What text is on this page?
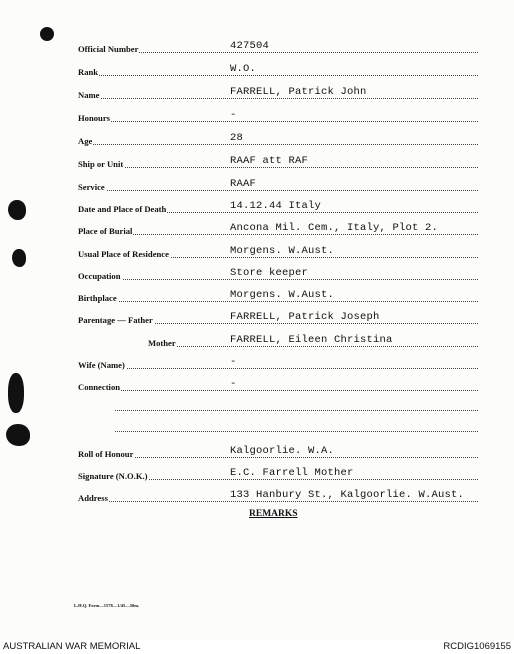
Official Number	427504
Rank	W.O.
Name	FARRELL, Patrick John
Honours	-
Age	28
Ship or Unit	RAAF att RAF
Service	RAAF
Date and Place of Death	14.12.44 Italy
Place of Burial	Ancona Mil. Cem., Italy, Plot 2.
Usual Place of Residence	Morgens. W.Aust.
Occupation	Store keeper
Birthplace	Morgens. W.Aust.
Parentage — Father	FARRELL, Patrick Joseph
Mother	FARRELL, Eileen Christina
Wife (Name)	-
Connection	-
Roll of Honour	Kalgoorlie. W.A.
Signature (N.O.K.)	E.C. Farrell Mother
Address	133 Hanbury St., Kalgoorlie. W.Aust.
REMARKS
L.H.Q. Form—1578—1/45—50m.
AUSTRALIAN WAR MEMORIAL	RCDIG1069155
